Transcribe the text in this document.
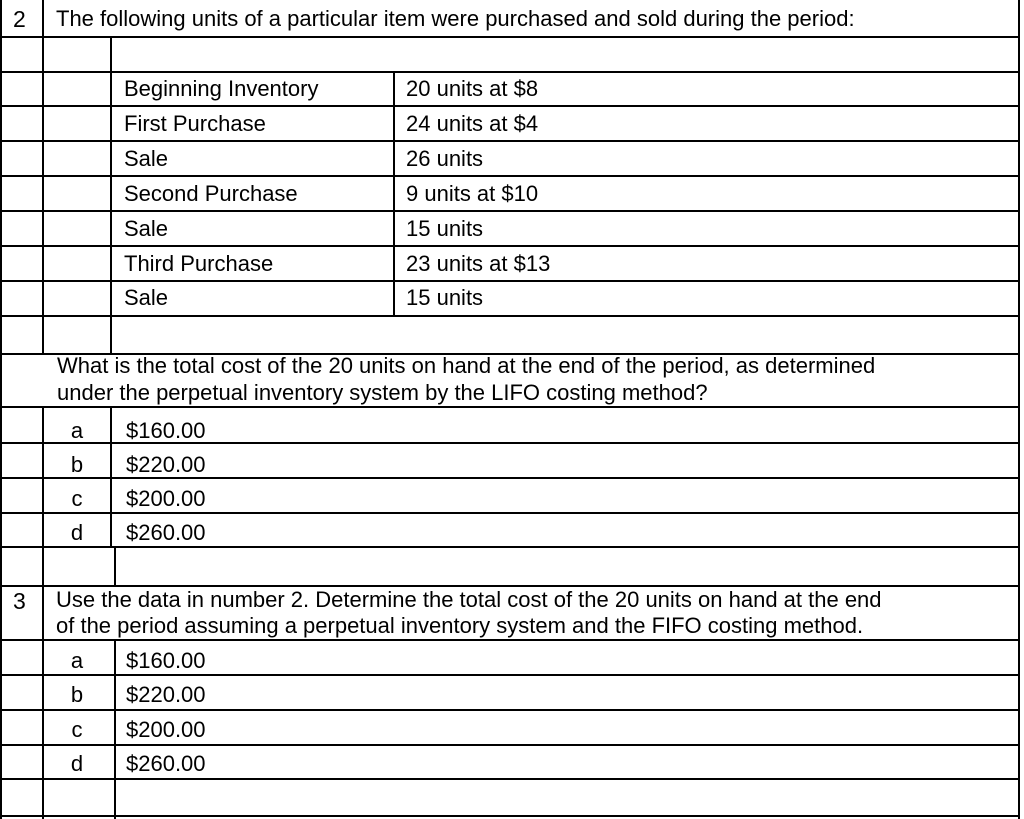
2 The following units of a particular item were purchased and sold during the period:
Beginning Inventory	20 units at $8
First Purchase	24 units at $4
Sale	26 units
Second Purchase	9 units at $10
Sale	15 units
Third Purchase	23 units at $13
Sale	15 units
What is the total cost of the 20 units on hand at the end of the period, as determined
under the perpetual inventory system by the LIFO costing method?
a	$160.00
b	$220.00
c	$200.00
d	$260.00
3 Use the data in number 2. Determine the total cost of the 20 units on hand at the end
of the period assuming a perpetual inventory system and the FIFO costing method.
a	$160.00
b	$220.00
c	$200.00
d	$260.00
